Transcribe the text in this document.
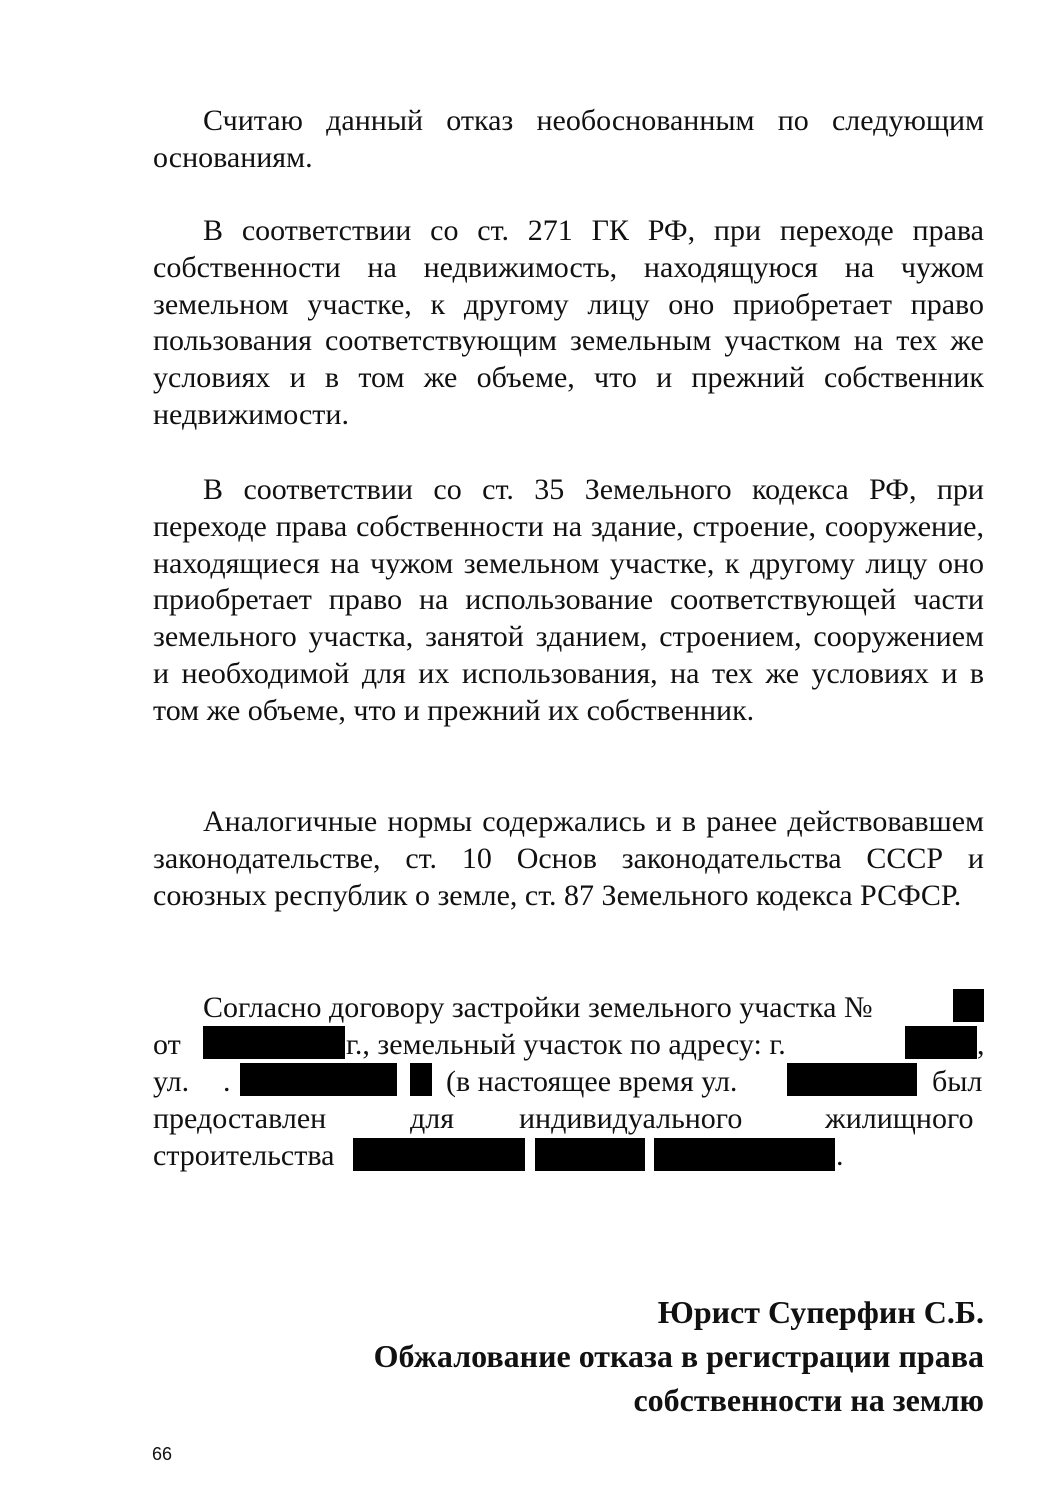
Считаю данный отказ необоснованным по следующим основаниям.

В соответствии со ст. 271 ГК РФ, при переходе права собственности на недвижимость, находящуюся на чужом земельном участке, к другому лицу оно приобретает право пользования соответствующим земельным участком на тех же условиях и в том же объеме, что и прежний собственник недвижимости.

В соответствии со ст. 35 Земельного кодекса РФ, при переходе права собственности на здание, строение, сооружение, находящиеся на чужом земельном участке, к другому лицу оно приобретает право на использование соответствующей части земельного участка, занятой зданием, строением, сооружением и необходимой для их использования, на тех же условиях и в том же объеме, что и прежний их собственник.

Аналогичные нормы содержались и в ранее действовавшем законодательстве, ст. 10 Основ законодательства СССР и союзных республик о земле, ст. 87 Земельного кодекса РСФСР.

Согласно договору застройки земельного участка №
от	г., земельный участок по адресу: г.	,
ул. .	(в настоящее время ул.	был
предоставлен	для индивидуального	жилищного
строительства	.

Юрист Суперфин С.Б.

Обжалование отказа в регистрации права

собственности на землю

66
